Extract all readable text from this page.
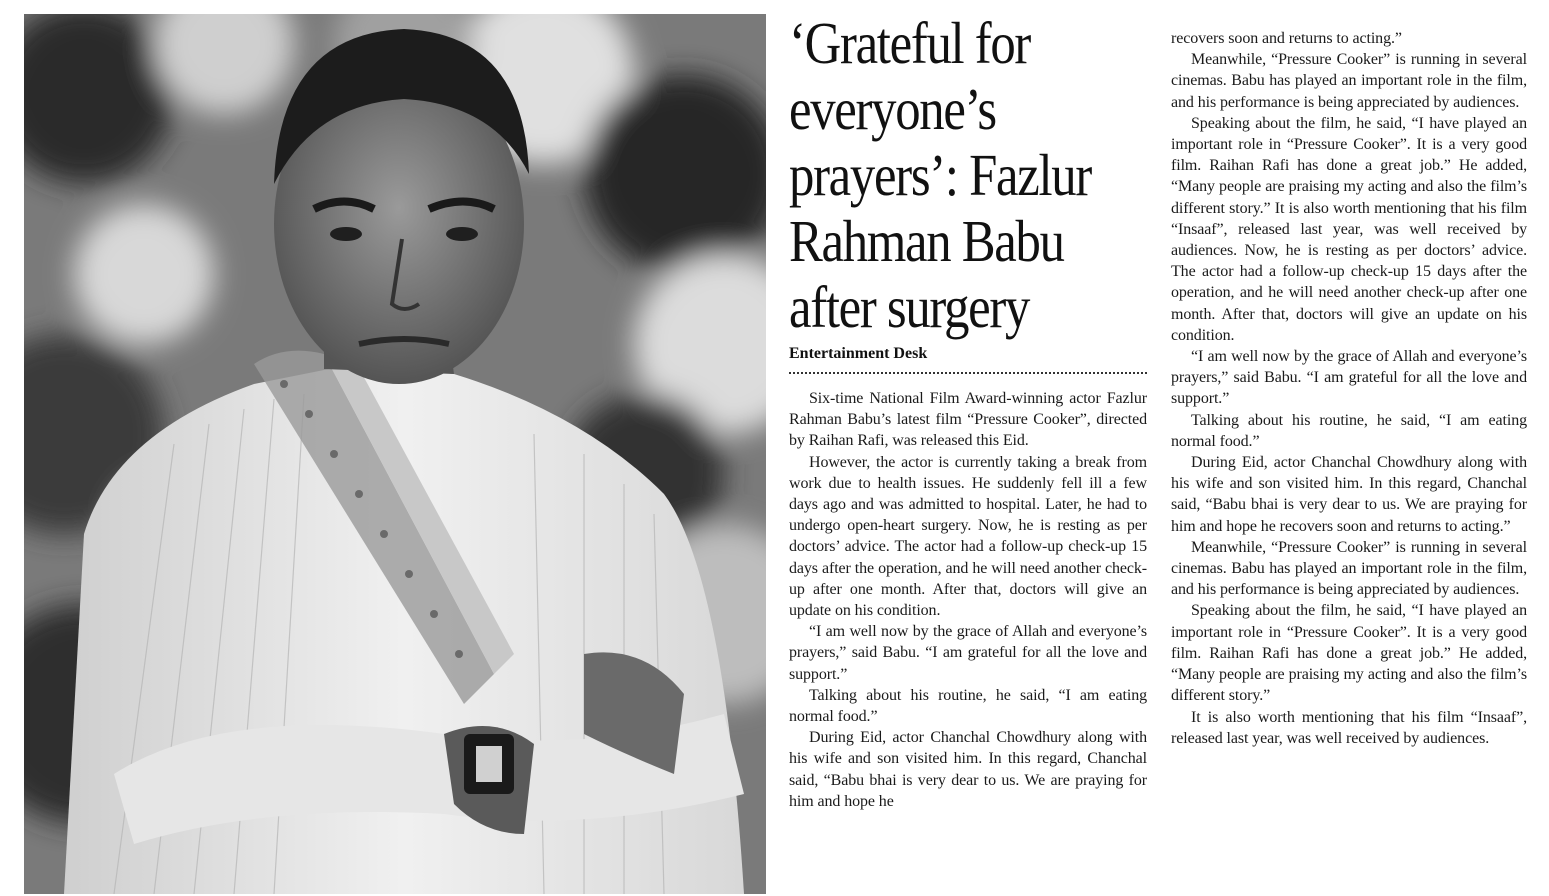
‘Grateful for everyone’s prayers’: Fazlur Rahman Babu after surgery
Entertainment Desk

Six-time National Film Award-winning actor Fazlur Rahman Babu’s latest film “Pressure Cooker”, directed by Raihan Rafi, was released this Eid.

However, the actor is currently taking a break from work due to health issues. He suddenly fell ill a few days ago and was admitted to hospital. Later, he had to undergo open-heart surgery. Now, he is resting as per doctors’ advice. The actor had a follow-up check-up 15 days after the operation, and he will need another check-up after one month. After that, doctors will give an update on his condition.

“I am well now by the grace of Allah and everyone’s prayers,” said Babu. “I am grateful for all the love and support.”

Talking about his routine, he said, “I am eating normal food.”

During Eid, actor Chanchal Chowdhury along with his wife and son visited him. In this regard, Chanchal said, “Babu bhai is very dear to us. We are praying for him and hope he

recovers soon and returns to acting.”

Meanwhile, “Pressure Cooker” is running in several cinemas. Babu has played an important role in the film, and his performance is being appreciated by audiences.

Speaking about the film, he said, “I have played an important role in “Pressure Cooker”. It is a very good film. Raihan Rafi has done a great job.” He added, “Many people are praising my acting and also the film’s different story.” It is also worth mentioning that his film “Insaaf”, released last year, was well received by audiences. Now, he is resting as per doctors’ advice. The actor had a follow-up check-up 15 days after the operation, and he will need another check-up after one month. After that, doctors will give an update on his condition.

“I am well now by the grace of Allah and everyone’s prayers,” said Babu. “I am grateful for all the love and support.”

Talking about his routine, he said, “I am eating normal food.”

During Eid, actor Chanchal Chowdhury along with his wife and son visited him. In this regard, Chanchal said, “Babu bhai is very dear to us. We are praying for him and hope he recovers soon and returns to acting.”

Meanwhile, “Pressure Cooker” is running in several cinemas. Babu has played an important role in the film, and his performance is being appreciated by audiences.

Speaking about the film, he said, “I have played an important role in “Pressure Cooker”. It is a very good film. Raihan Rafi has done a great job.” He added, “Many people are praising my acting and also the film’s different story.”

It is also worth mentioning that his film “Insaaf”, released last year, was well received by audiences.
